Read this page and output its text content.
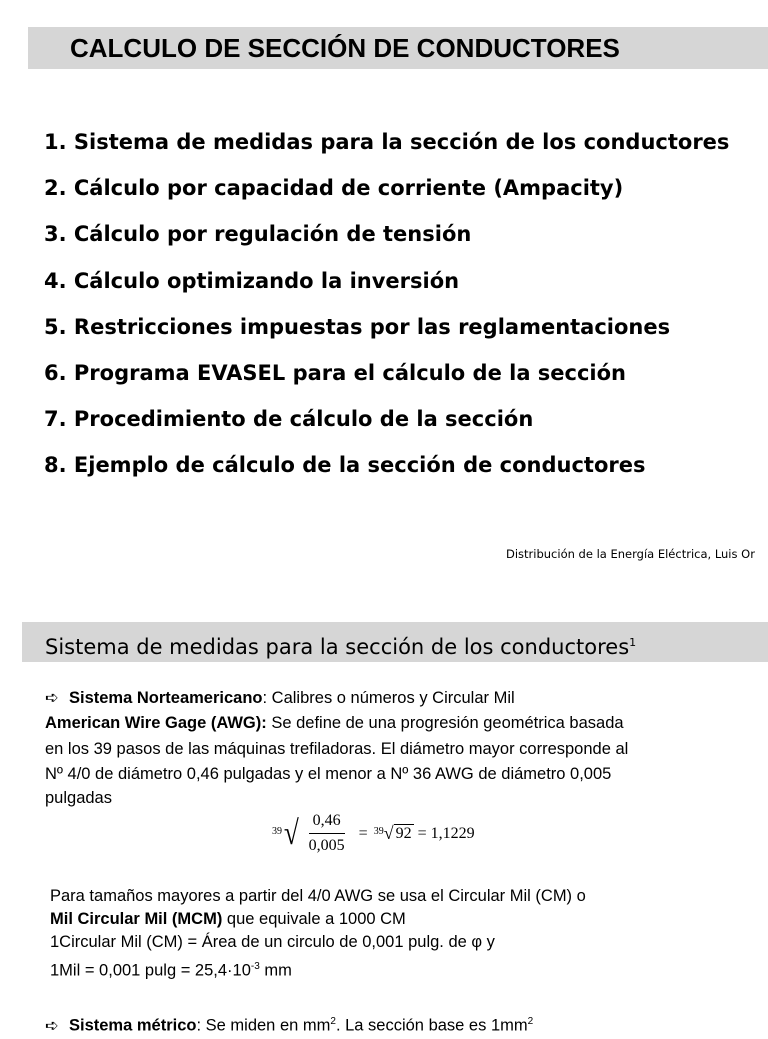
CALCULO DE SECCIÓN DE CONDUCTORES
1. Sistema de medidas para la sección de los conductores
2. Cálculo por capacidad de corriente (Ampacity)
3. Cálculo por regulación de tensión
4. Cálculo optimizando la inversión
5. Restricciones impuestas por las reglamentaciones
6. Programa EVASEL para el cálculo de la sección
7. Procedimiento de cálculo de la sección
8. Ejemplo de cálculo de la sección de conductores
Distribución de la Energía Eléctrica, Luis Or
Sistema de medidas para la sección de los conductores$^1$
➪ Sistema Norteamericano: Calibres o números y Circular Mil
American Wire Gage (AWG): Se define de una progresión geométrica basada
en los 39 pasos de las máquinas trefiladoras. El diámetro mayor corresponde al
Nº 4/0 de diámetro 0,46 pulgadas y el menor a Nº 36 AWG de diámetro 0,005
pulgadas
39 √ $\frac{0,46}{0,005} = 39$ √ 92 = 1,1229
Para tamaños mayores a partir del 4/0 AWG se usa el Circular Mil (CM) o
Mil Circular Mil (MCM) que equivale a 1000 CM
1Circular Mil (CM) = Área de un circulo de 0,001 pulg. de φ y
1Mil = 0,001 $pulg = 25,4\cdot 10^{-3}$ mm
➪ Sistema métrico: Se miden en $mm^2$. La sección base es $1mm^2$
